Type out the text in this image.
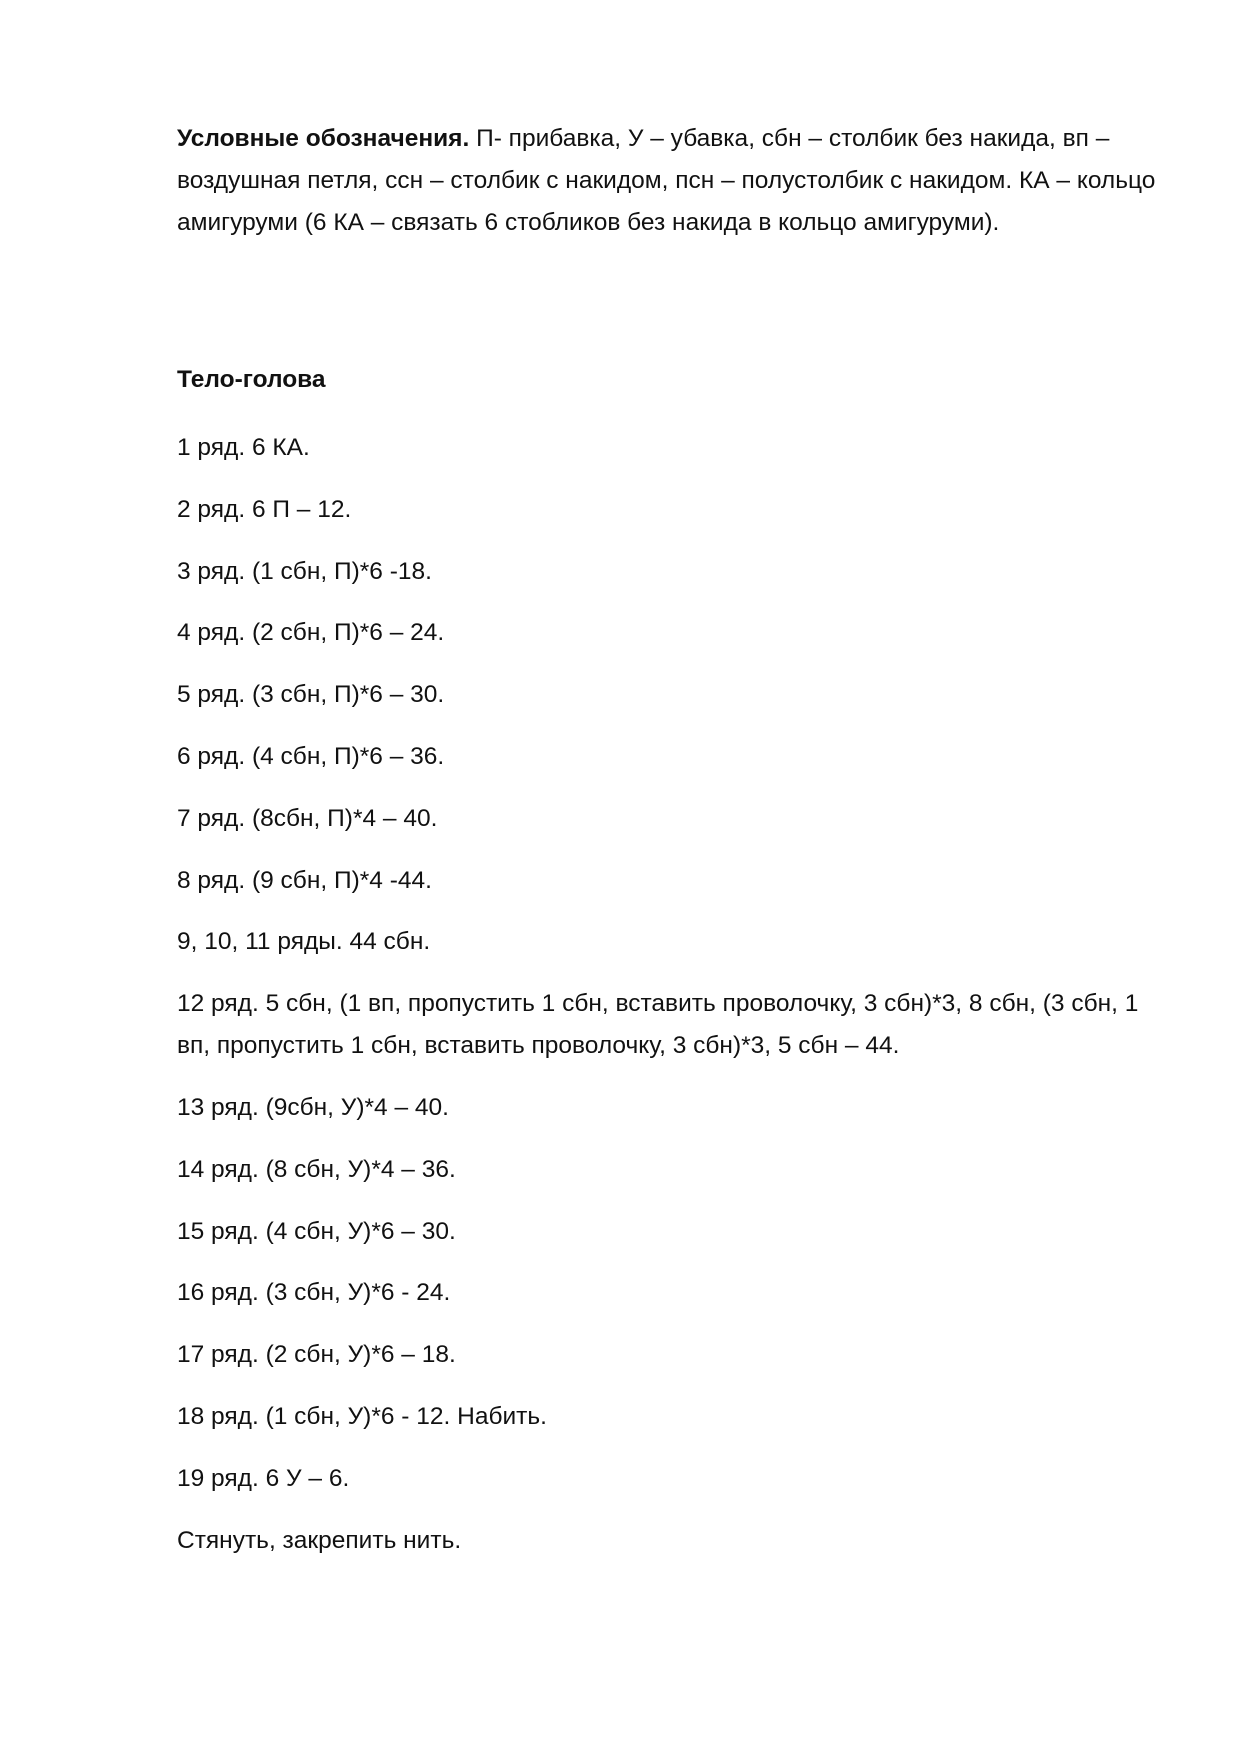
Условные обозначения. П- прибавка, У – убавка, сбн – столбик без накида, вп – воздушная петля, ссн – столбик с накидом, псн – полустолбик с накидом. КА – кольцо амигуруми (6 КА – связать 6 стобликов без накида в кольцо амигуруми).

Тело-голова
1 ряд. 6 КА.
2 ряд. 6 П – 12.
3 ряд. (1 сбн, П)*6 -18.
4 ряд. (2 сбн, П)*6 – 24.
5 ряд. (3 сбн, П)*6 – 30.
6 ряд. (4 сбн, П)*6 – 36.
7 ряд. (8сбн, П)*4 – 40.
8 ряд. (9 сбн, П)*4 -44.
9, 10, 11 ряды. 44 сбн.
12 ряд. 5 сбн, (1 вп, пропустить 1 сбн, вставить проволочку, 3 сбн)*3, 8 сбн, (3 сбн, 1 вп, пропустить 1 сбн, вставить проволочку, 3 сбн)*3, 5 сбн – 44.
13 ряд. (9сбн, У)*4 – 40.
14 ряд. (8 сбн, У)*4 – 36.
15 ряд. (4 сбн, У)*6 – 30.
16 ряд. (3 сбн, У)*6 - 24.
17 ряд. (2 сбн, У)*6 – 18.
18 ряд. (1 сбн, У)*6 - 12. Набить.
19 ряд. 6 У – 6.
Стянуть, закрепить нить.
